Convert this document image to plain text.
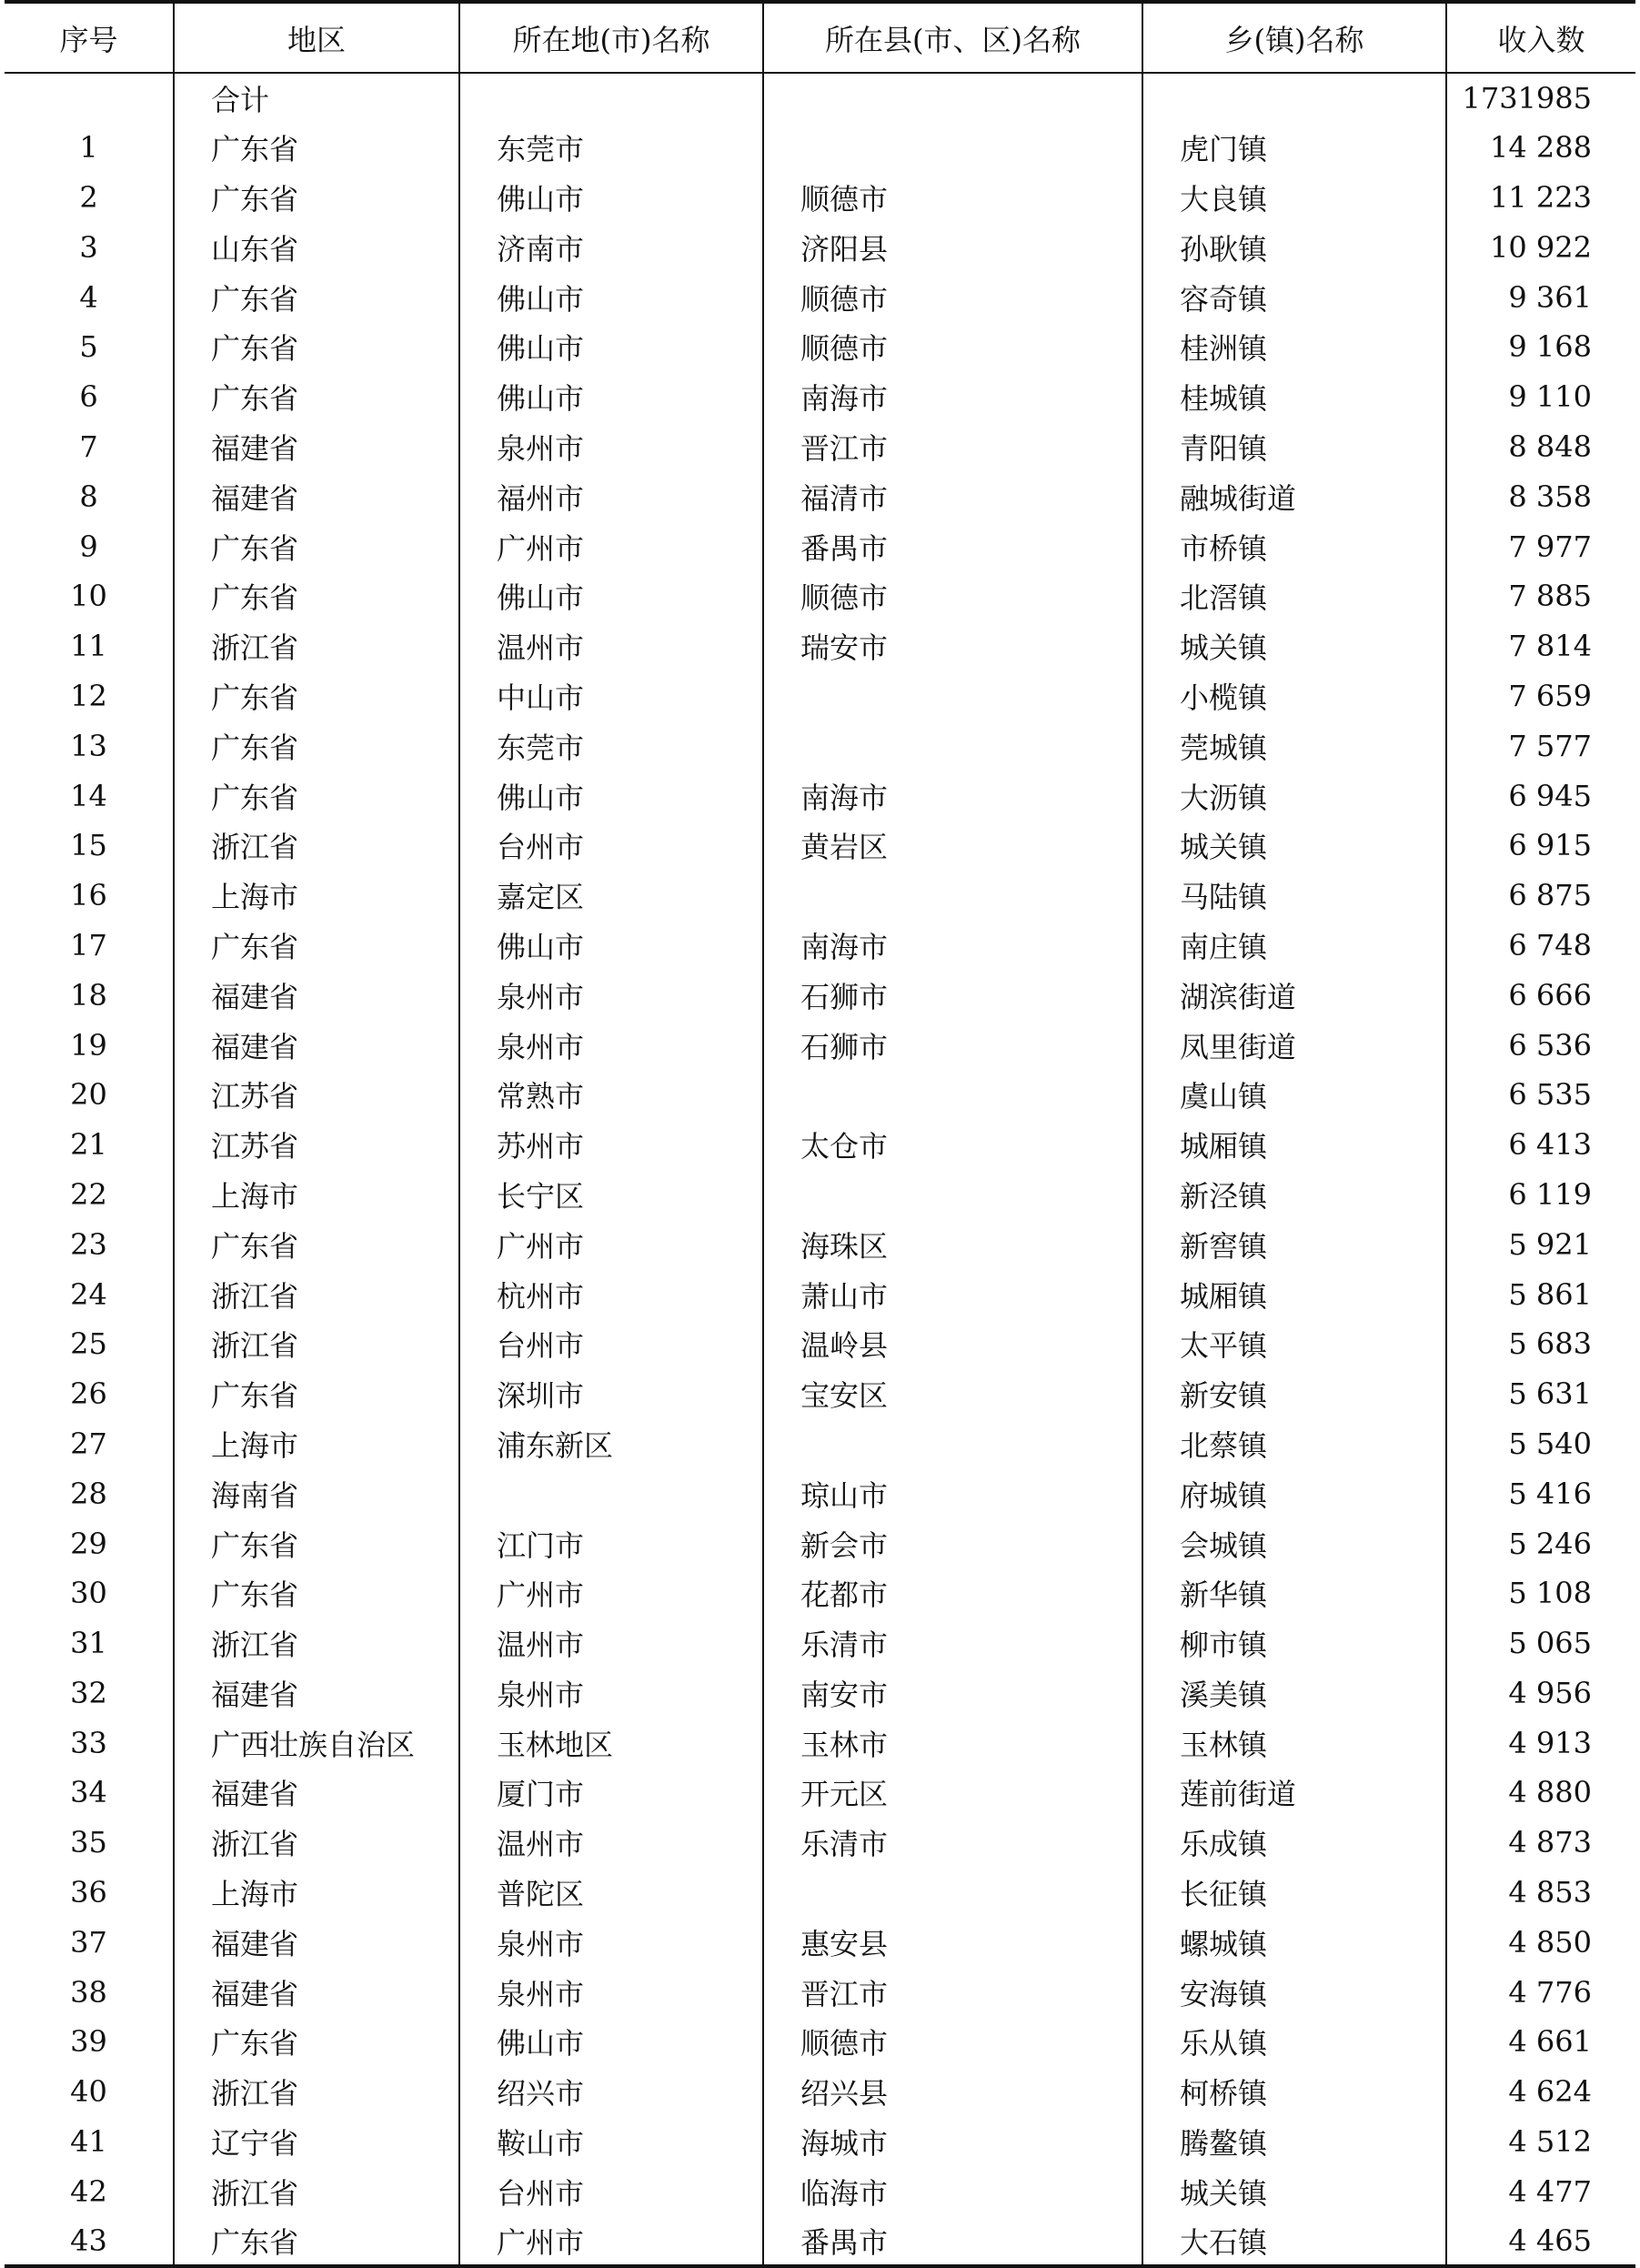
序号	地区	所在地(市)名称	所在县(市、区)名称	乡(镇)名称	收入数
	合计				1731985
1	广东省	东莞市		虎门镇	14 288
2	广东省	佛山市	顺德市	大良镇	11 223
3	山东省	济南市	济阳县	孙耿镇	10 922
4	广东省	佛山市	顺德市	容奇镇	9 361
5	广东省	佛山市	顺德市	桂洲镇	9 168
6	广东省	佛山市	南海市	桂城镇	9 110
7	福建省	泉州市	晋江市	青阳镇	8 848
8	福建省	福州市	福清市	融城街道	8 358
9	广东省	广州市	番禺市	市桥镇	7 977
10	广东省	佛山市	顺德市	北滘镇	7 885
11	浙江省	温州市	瑞安市	城关镇	7 814
12	广东省	中山市		小榄镇	7 659
13	广东省	东莞市		莞城镇	7 577
14	广东省	佛山市	南海市	大沥镇	6 945
15	浙江省	台州市	黄岩区	城关镇	6 915
16	上海市	嘉定区		马陆镇	6 875
17	广东省	佛山市	南海市	南庄镇	6 748
18	福建省	泉州市	石狮市	湖滨街道	6 666
19	福建省	泉州市	石狮市	凤里街道	6 536
20	江苏省	常熟市		虞山镇	6 535
21	江苏省	苏州市	太仓市	城厢镇	6 413
22	上海市	长宁区		新泾镇	6 119
23	广东省	广州市	海珠区	新窖镇	5 921
24	浙江省	杭州市	萧山市	城厢镇	5 861
25	浙江省	台州市	温岭县	太平镇	5 683
26	广东省	深圳市	宝安区	新安镇	5 631
27	上海市	浦东新区		北蔡镇	5 540
28	海南省		琼山市	府城镇	5 416
29	广东省	江门市	新会市	会城镇	5 246
30	广东省	广州市	花都市	新华镇	5 108
31	浙江省	温州市	乐清市	柳市镇	5 065
32	福建省	泉州市	南安市	溪美镇	4 956
33	广西壮族自治区	玉林地区	玉林市	玉林镇	4 913
34	福建省	厦门市	开元区	莲前街道	4 880
35	浙江省	温州市	乐清市	乐成镇	4 873
36	上海市	普陀区		长征镇	4 853
37	福建省	泉州市	惠安县	螺城镇	4 850
38	福建省	泉州市	晋江市	安海镇	4 776
39	广东省	佛山市	顺德市	乐从镇	4 661
40	浙江省	绍兴市	绍兴县	柯桥镇	4 624
41	辽宁省	鞍山市	海城市	腾鳌镇	4 512
42	浙江省	台州市	临海市	城关镇	4 477
43	广东省	广州市	番禺市	大石镇	4 465
